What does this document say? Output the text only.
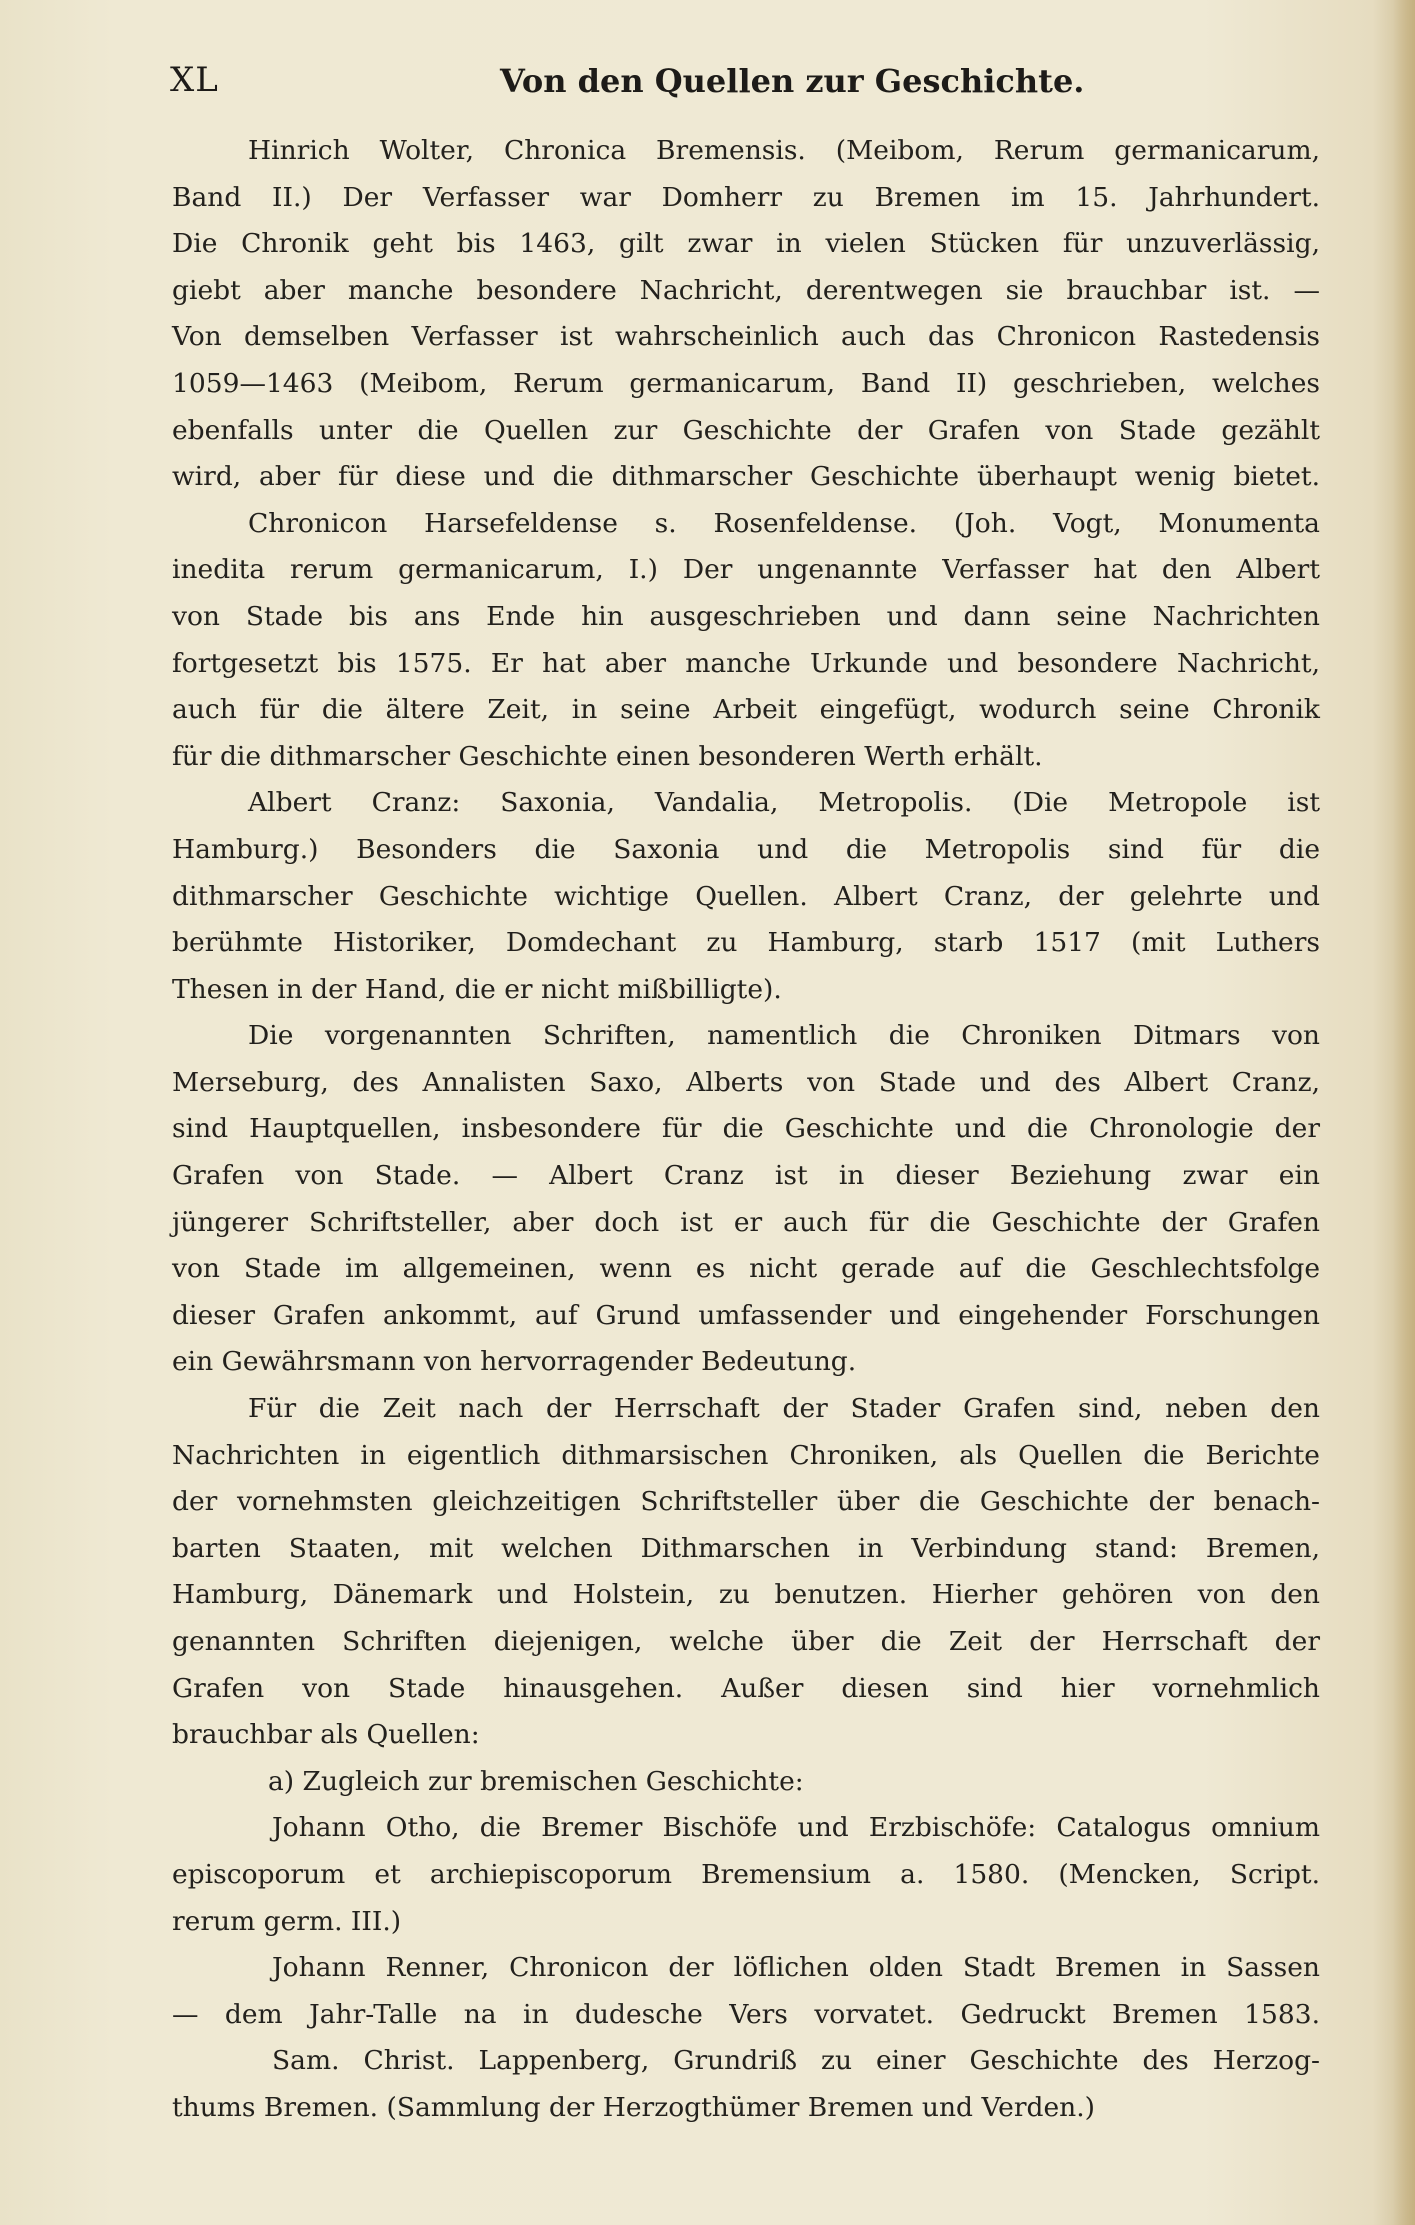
XL	Von den Quellen zur Geschichte.
Hinrich Wolter, Chronica Bremensis. (Meibom, Rerum germanicarum,
Band II.) Der Verfasser war Domherr zu Bremen im 15. Jahrhundert.
Die Chronik geht bis 1463, gilt zwar in vielen Stücken für unzuverlässig,
giebt aber manche besondere Nachricht, derentwegen sie brauchbar ist. —
Von demselben Verfasser ist wahrscheinlich auch das Chronicon Rastedensis
1059—1463 (Meibom, Rerum germanicarum, Band II) geschrieben, welches
ebenfalls unter die Quellen zur Geschichte der Grafen von Stade gezählt
wird, aber für diese und die dithmarscher Geschichte überhaupt wenig bietet.
Chronicon Harsefeldense s. Rosenfeldense. (Joh. Vogt, Monumenta
inedita rerum germanicarum, I.) Der ungenannte Verfasser hat den Albert
von Stade bis ans Ende hin ausgeschrieben und dann seine Nachrichten
fortgesetzt bis 1575. Er hat aber manche Urkunde und besondere Nachricht,
auch für die ältere Zeit, in seine Arbeit eingefügt, wodurch seine Chronik
für die dithmarscher Geschichte einen besonderen Werth erhält.
Albert Cranz: Saxonia, Vandalia, Metropolis. (Die Metropole ist
Hamburg.) Besonders die Saxonia und die Metropolis sind für die
dithmarscher Geschichte wichtige Quellen. Albert Cranz, der gelehrte und
berühmte Historiker, Domdechant zu Hamburg, starb 1517 (mit Luthers
Thesen in der Hand, die er nicht mißbilligte).
Die vorgenannten Schriften, namentlich die Chroniken Ditmars von
Merseburg, des Annalisten Saxo, Alberts von Stade und des Albert Cranz,
sind Hauptquellen, insbesondere für die Geschichte und die Chronologie der
Grafen von Stade. — Albert Cranz ist in dieser Beziehung zwar ein
jüngerer Schriftsteller, aber doch ist er auch für die Geschichte der Grafen
von Stade im allgemeinen, wenn es nicht gerade auf die Geschlechtsfolge
dieser Grafen ankommt, auf Grund umfassender und eingehender Forschungen
ein Gewährsmann von hervorragender Bedeutung.
Für die Zeit nach der Herrschaft der Stader Grafen sind, neben den
Nachrichten in eigentlich dithmarsischen Chroniken, als Quellen die Berichte
der vornehmsten gleichzeitigen Schriftsteller über die Geschichte der benach-
barten Staaten, mit welchen Dithmarschen in Verbindung stand: Bremen,
Hamburg, Dänemark und Holstein, zu benutzen. Hierher gehören von den
genannten Schriften diejenigen, welche über die Zeit der Herrschaft der
Grafen von Stade hinausgehen. Außer diesen sind hier vornehmlich
brauchbar als Quellen:
a) Zugleich zur bremischen Geschichte:
Johann Otho, die Bremer Bischöfe und Erzbischöfe: Catalogus omnium
episcoporum et archiepiscoporum Bremensium a. 1580. (Mencken, Script.
rerum germ. III.)
Johann Renner, Chronicon der löflichen olden Stadt Bremen in Sassen
— dem Jahr-Talle na in dudesche Vers vorvatet. Gedruckt Bremen 1583.
Sam. Christ. Lappenberg, Grundriß zu einer Geschichte des Herzog-
thums Bremen. (Sammlung der Herzogthümer Bremen und Verden.)
